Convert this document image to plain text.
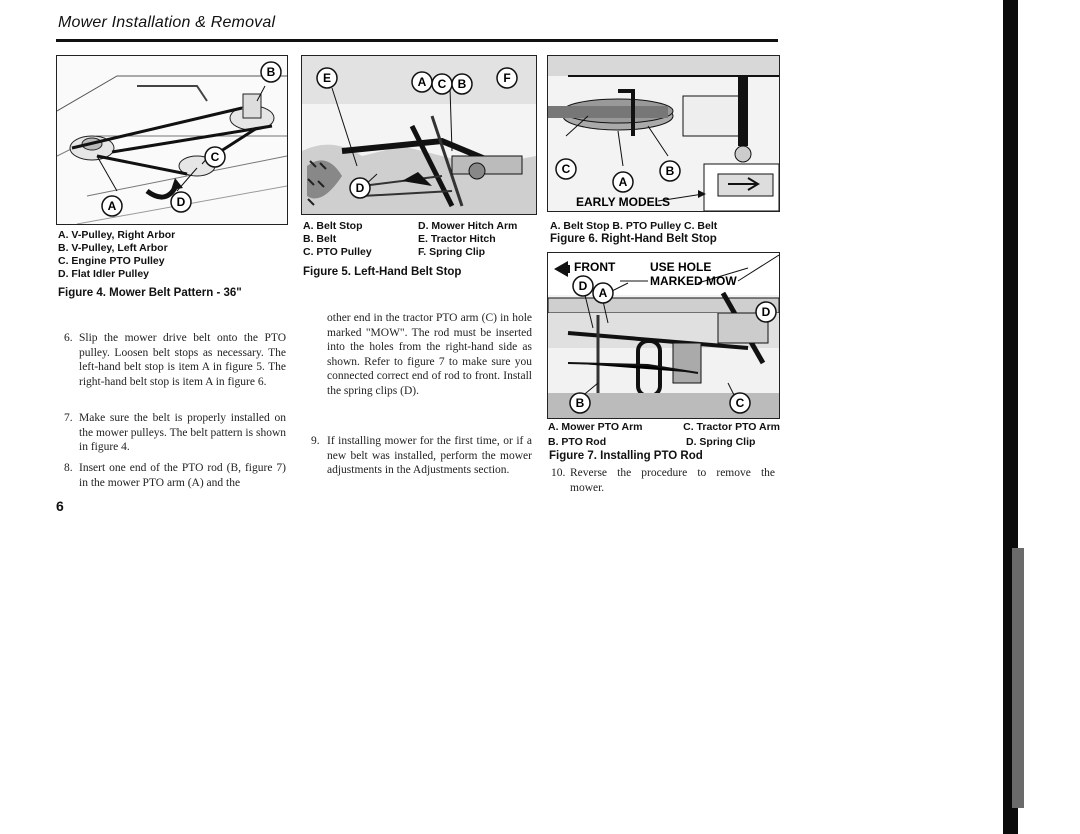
Mower Installation & Removal
A
B
C
D
A. V-Pulley, Right Arbor
B. V-Pulley, Left Arbor
C. Engine PTO Pulley
D. Flat Idler Pulley
Figure 4. Mower Belt Pattern - 36"
E	A C B	F
D
A. Belt Stop
B. Belt
C. PTO Pulley
D. Mower Hitch Arm
E. Tractor Hitch
F. Spring Clip
Figure 5. Left-Hand Belt Stop
C
A
B
EARLY MODELS
A. Belt Stop B. PTO Pulley C. Belt
Figure 6. Right-Hand Belt Stop
FRONT	USE HOLE
MARKED MOW
D A
D
B	C
A. Mower PTO Arm	C. Tractor PTO Arm
B. PTO Rod	D. Spring Clip
Figure 7. Installing PTO Rod
6. Slip the mower drive belt onto the PTO pulley. Loosen belt stops as necessary. The left-hand belt stop is item A in figure 5. The right-hand belt stop is item A in figure 6.
7. Make sure the belt is properly installed on the mower pulleys. The belt pattern is shown in figure 4.
8. Insert one end of the PTO rod (B, figure 7) in the mower PTO arm (A) and the
other end in the tractor PTO arm (C) in hole marked "MOW". The rod must be inserted into the holes from the right-hand side as shown. Refer to figure 7 to make sure you connected correct end of rod to front. Install the spring clips (D).
9. If installing mower for the first time, or if a new belt was installed, perform the mower adjustments in the Adjustments section.	10. Reverse the procedure to remove the mower.
6
